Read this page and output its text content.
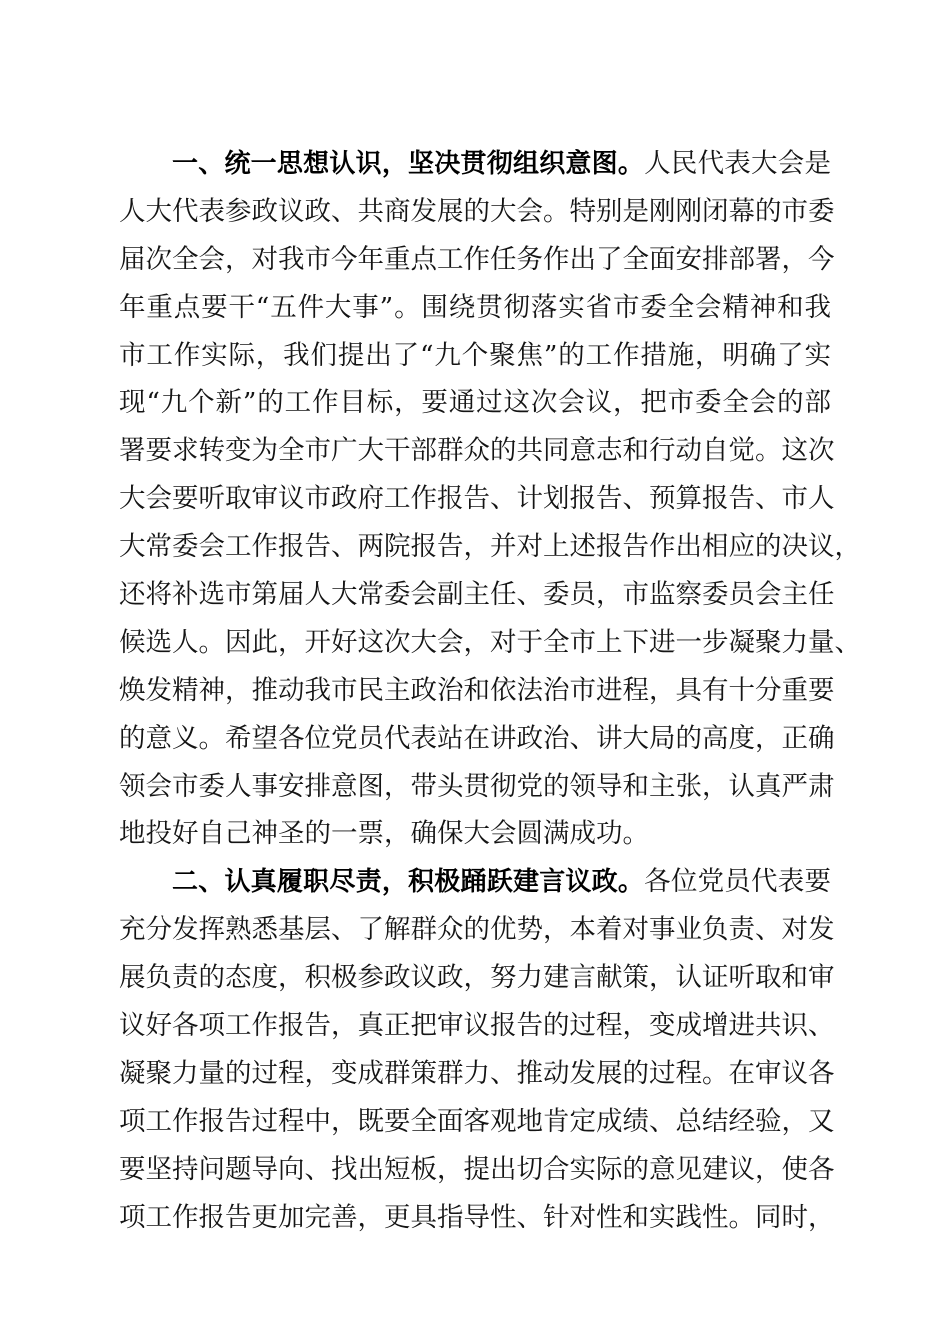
一、统一思想认识，坚决贯彻组织意图。人民代表大会是
人大代表参政议政、共商发展的大会。特别是刚刚闭幕的市委
届次全会，对我市今年重点工作任务作出了全面安排部署，今
年重点要干“五件大事”。围绕贯彻落实省市委全会精神和我
市工作实际，我们提出了“九个聚焦”的工作措施，明确了实
现“九个新”的工作目标，要通过这次会议，把市委全会的部
署要求转变为全市广大干部群众的共同意志和行动自觉。这次
大会要听取审议市政府工作报告、计划报告、预算报告、市人
大常委会工作报告、两院报告，并对上述报告作出相应的决议，
还将补选市第届人大常委会副主任、委员，市监察委员会主任
候选人。因此，开好这次大会，对于全市上下进一步凝聚力量、
焕发精神，推动我市民主政治和依法治市进程，具有十分重要
的意义。希望各位党员代表站在讲政治、讲大局的高度，正确
领会市委人事安排意图，带头贯彻党的领导和主张，认真严肃
地投好自己神圣的一票，确保大会圆满成功。
二、认真履职尽责，积极踊跃建言议政。各位党员代表要
充分发挥熟悉基层、了解群众的优势，本着对事业负责、对发
展负责的态度，积极参政议政，努力建言献策，认证听取和审
议好各项工作报告，真正把审议报告的过程，变成增进共识、
凝聚力量的过程，变成群策群力、推动发展的过程。在审议各
项工作报告过程中，既要全面客观地肯定成绩、总结经验，又
要坚持问题导向、找出短板，提出切合实际的意见建议，使各
项工作报告更加完善，更具指导性、针对性和实践性。同时，
